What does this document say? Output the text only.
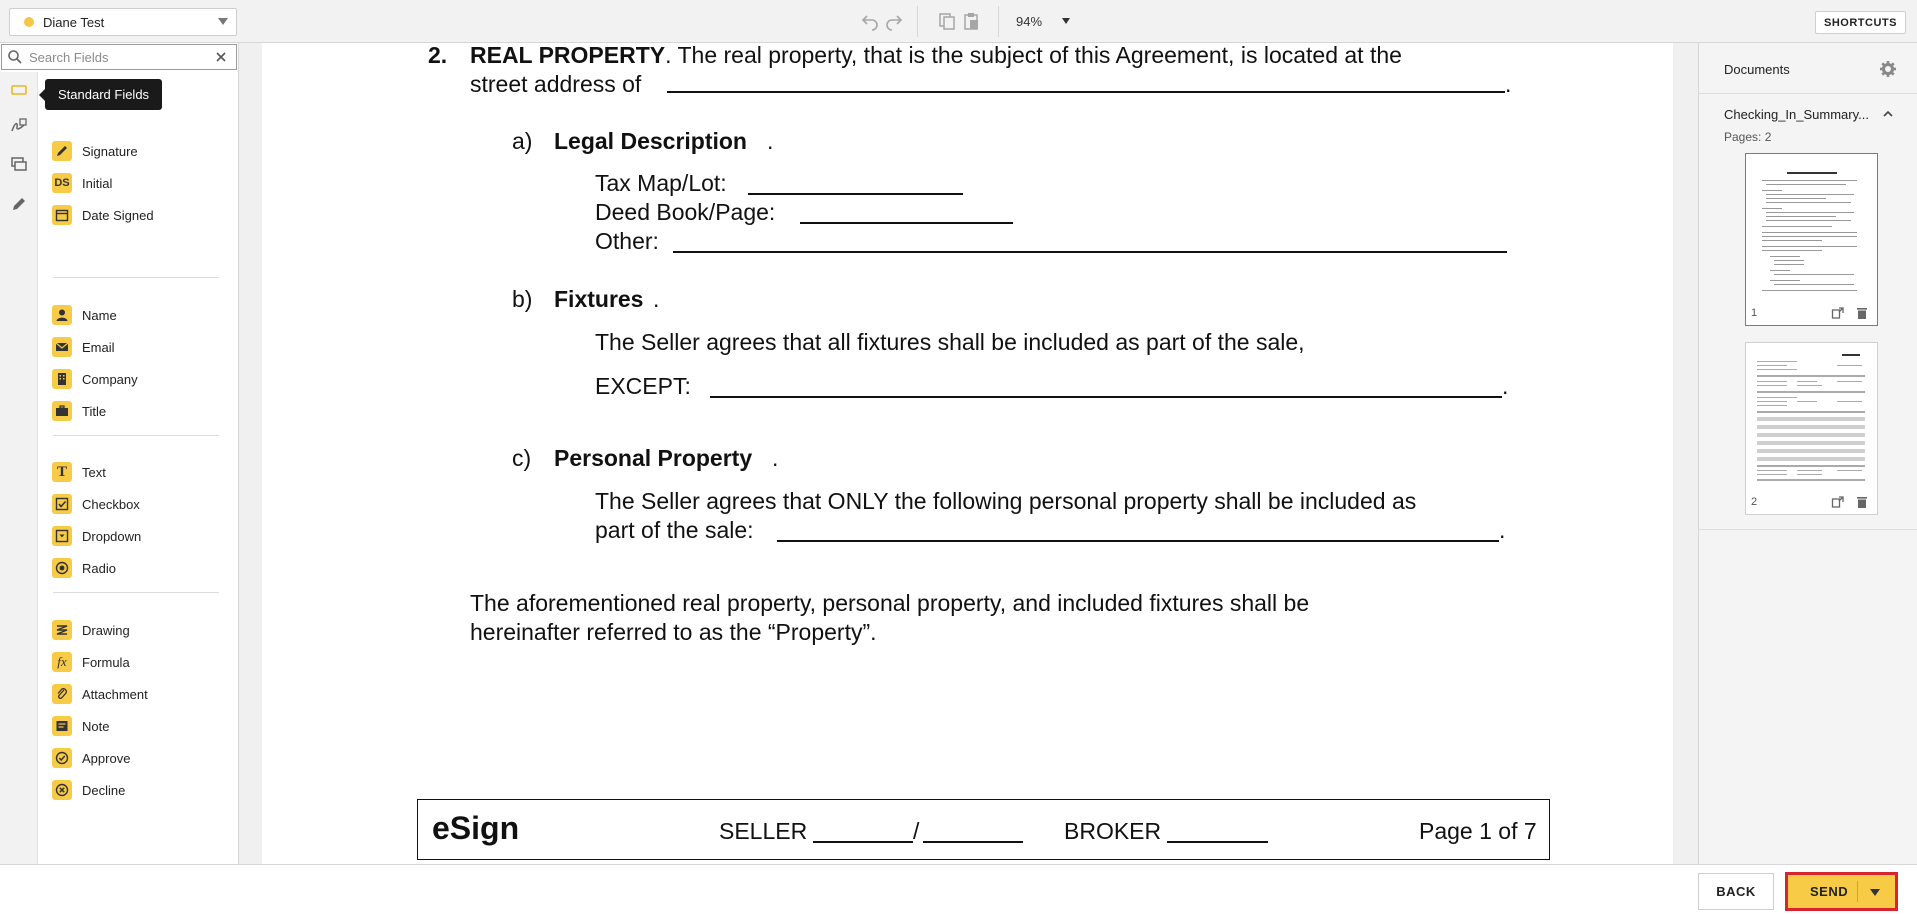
Diane Test	94%	SHORTCUTS
Search Fields
Standard Fields
Signature
DS Initial
Date Signed
Name
Email
Company
Title
T	Text
Checkbox
Dropdown
Radio
Drawing
fx	Formula
Attachment
Note
Approve
Decline
2. REAL PROPERTY. The real property, that is the subject of this Agreement, is located at the
street address of	.
a) Legal Description .
Tax Map/Lot:
Deed Book/Page:
Other:
b) Fixtures .
The Seller agrees that all fixtures shall be included as part of the sale,
EXCEPT:	.
c) Personal Property .
The Seller agrees that ONLY the following personal property shall be included as
part of the sale:	.
The aforementioned real property, personal property, and included fixtures shall be
hereinafter referred to as the “Property”.
eSign	SELLER	/	BROKER	Page 1 of 7
Documents
Checking_In_Summary...
Pages: 2
1
2
BACK	SEND
